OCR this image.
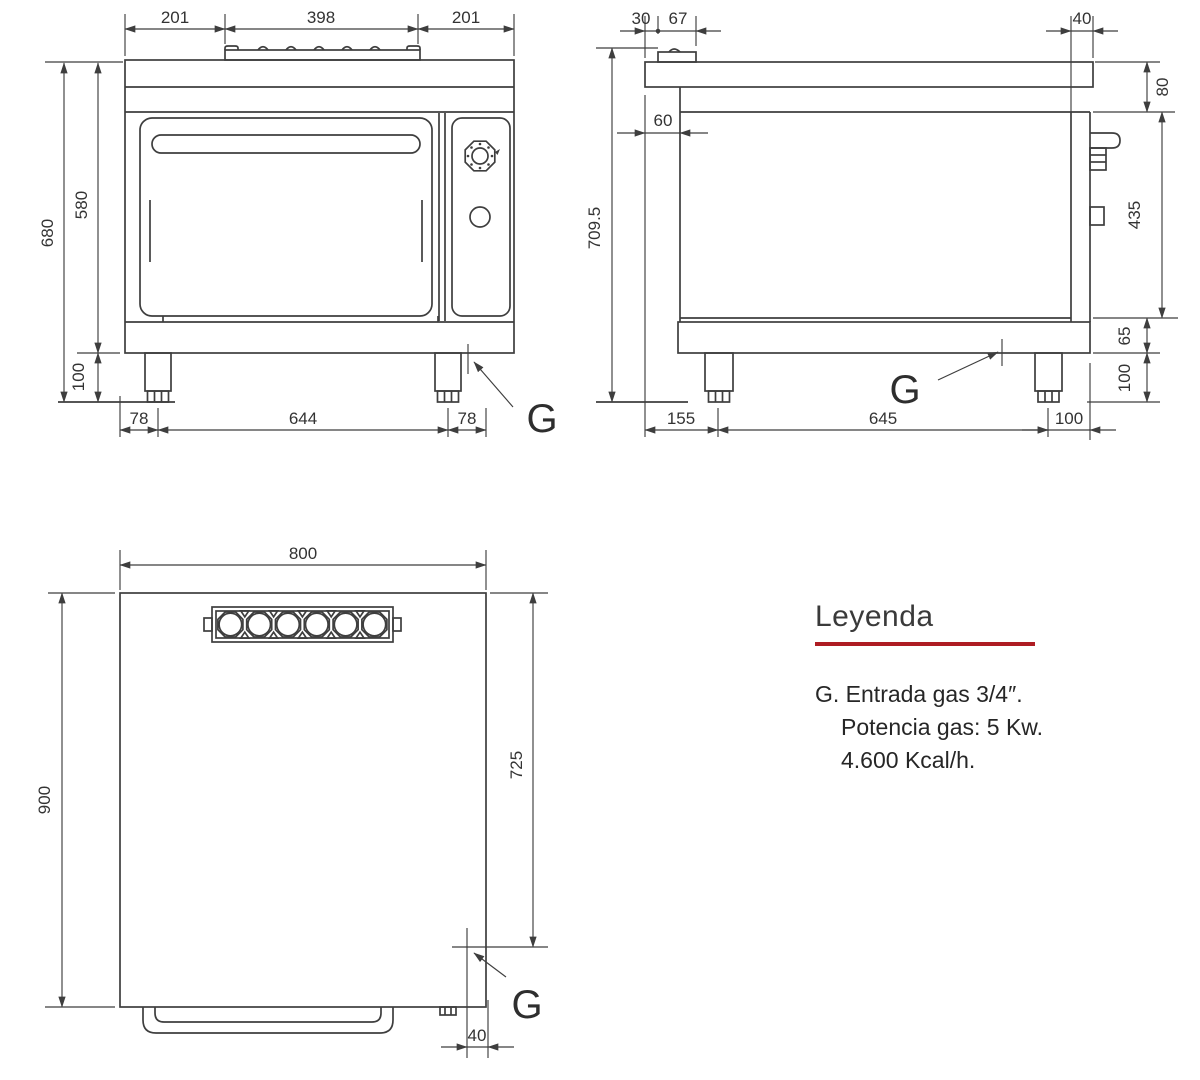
201	398	201
680
580
100
78	644	78 G
30 67	40
709.5
60
80
435
65
100
155	645	100
G
800
900
725
40
G
Leyenda
G. Entrada gas 3/4″.
Potencia gas: 5 Kw.
4.600 Kcal/h.
